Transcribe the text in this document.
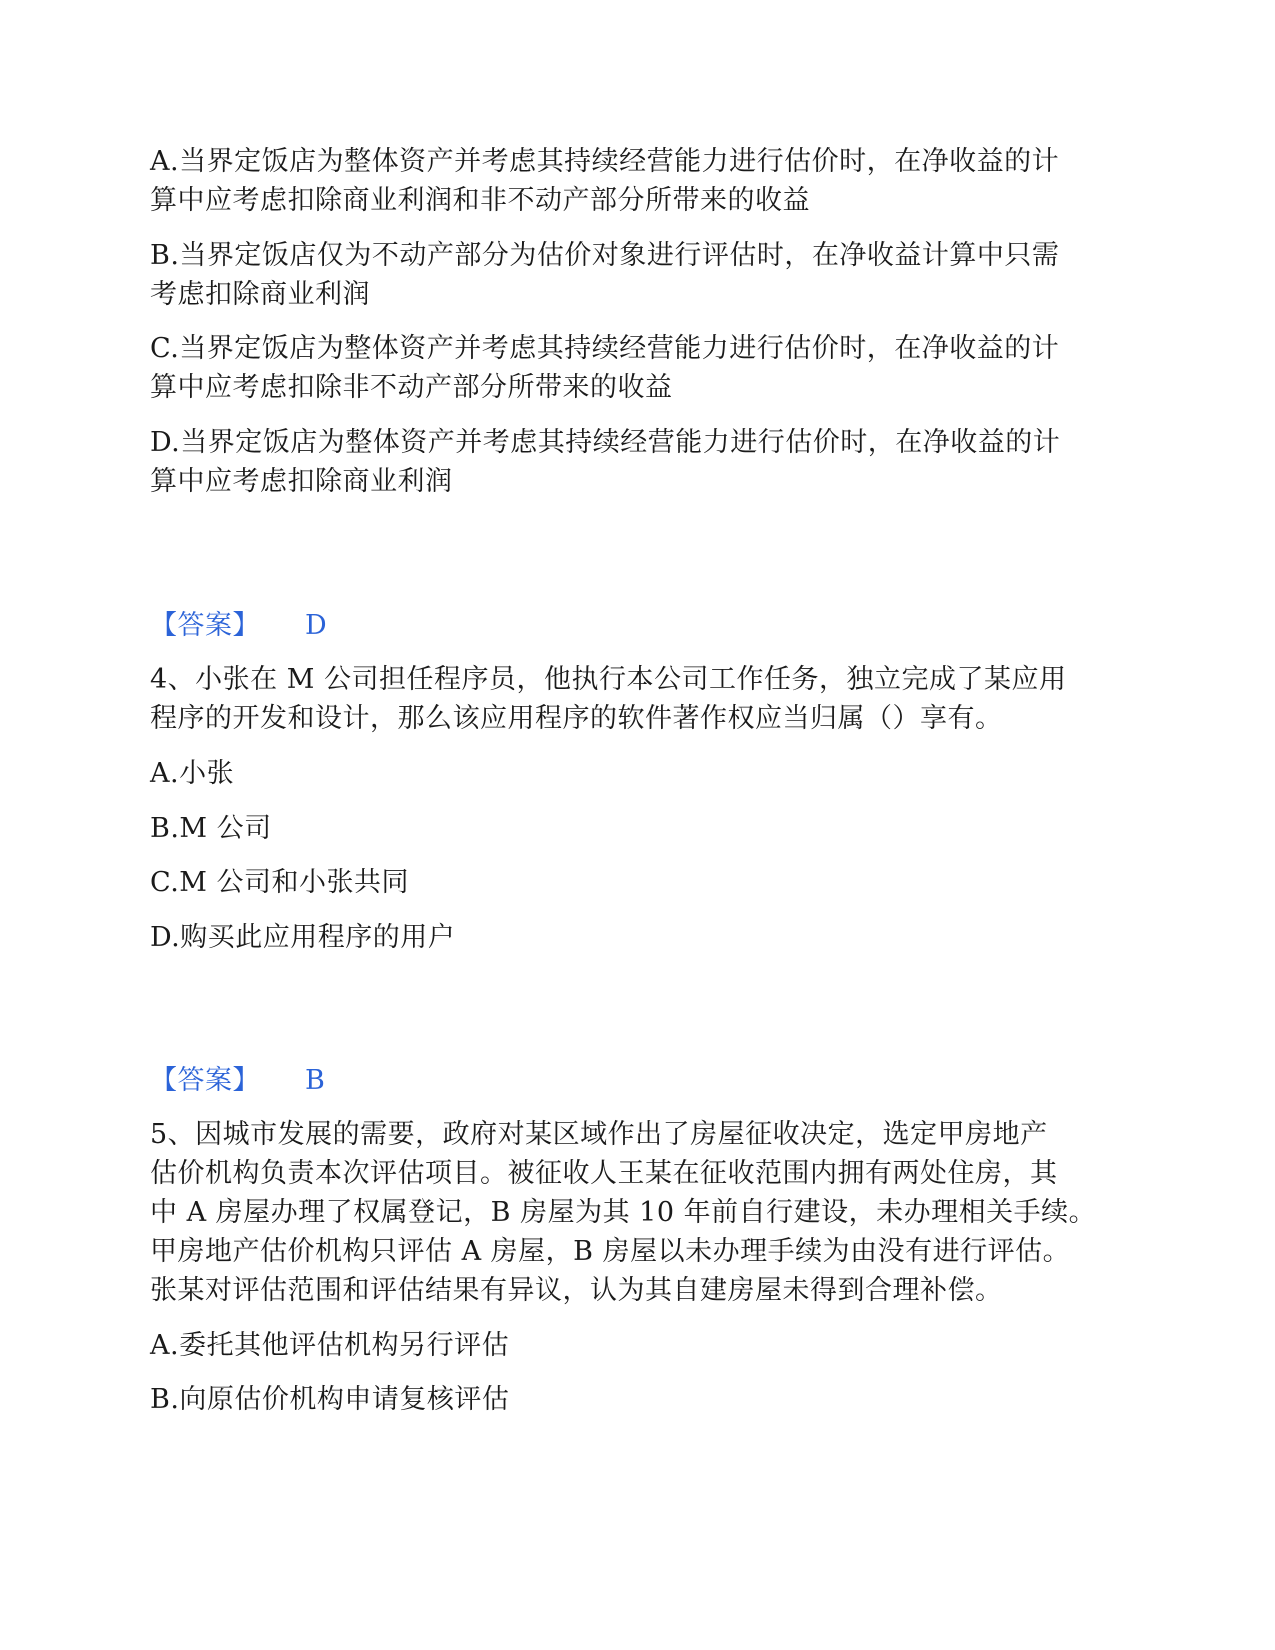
A.当界定饭店为整体资产并考虑其持续经营能力进行估价时，在净收益的计
算中应考虑扣除商业利润和非不动产部分所带来的收益
B.当界定饭店仅为不动产部分为估价对象进行评估时，在净收益计算中只需
考虑扣除商业利润
C.当界定饭店为整体资产并考虑其持续经营能力进行估价时，在净收益的计
算中应考虑扣除非不动产部分所带来的收益
D.当界定饭店为整体资产并考虑其持续经营能力进行估价时，在净收益的计
算中应考虑扣除商业利润
【答案】 D
4、小张在 M 公司担任程序员，他执行本公司工作任务，独立完成了某应用
程序的开发和设计，那么该应用程序的软件著作权应当归属（）享有。
A.小张
B.M 公司
C.M 公司和小张共同
D.购买此应用程序的用户
【答案】 B
5、因城市发展的需要，政府对某区域作出了房屋征收决定，选定甲房地产
估价机构负责本次评估项目。被征收人王某在征收范围内拥有两处住房，其
中 A 房屋办理了权属登记，B 房屋为其 10 年前自行建设，未办理相关手续。
甲房地产估价机构只评估 A 房屋，B 房屋以未办理手续为由没有进行评估。
张某对评估范围和评估结果有异议，认为其自建房屋未得到合理补偿。
A.委托其他评估机构另行评估
B.向原估价机构申请复核评估
